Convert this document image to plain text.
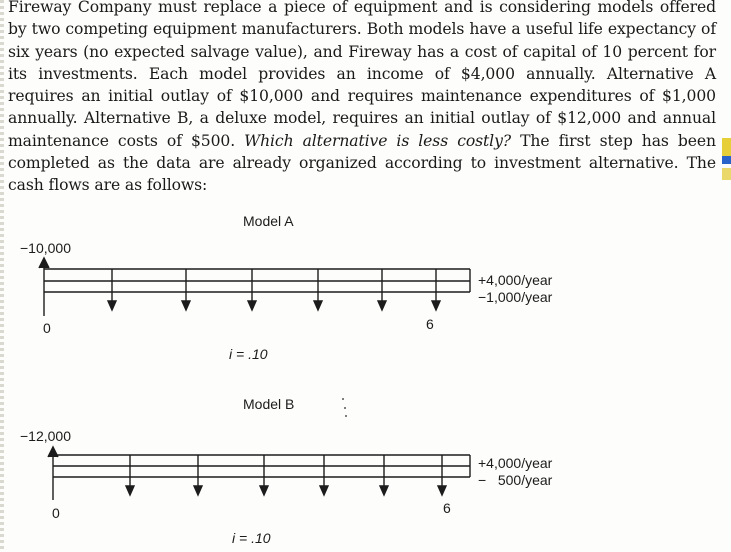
Fireway Company must replace a piece of equipment and is considering models offered by two competing equipment manufacturers. Both models have a useful life expectancy of six years (no expected salvage value), and Fireway has a cost of capital of 10 percent for its investments. Each model provides an income of $4,000 annually. Alternative A requires an initial outlay of $10,000 and requires maintenance expenditures of $1,000 annually. Alternative B, a deluxe model, requires an initial outlay of $12,000 and annual maintenance costs of $500. Which alternative is less costly? The first step has been completed as the data are already organized according to investment alternative. The cash flows are as follows:

Model A
−10,000
+4,000/year
−1,000/year
0	6
i = .10
Model B
−12,000
+4,000/year
−   500/year
0	6
i = .10
